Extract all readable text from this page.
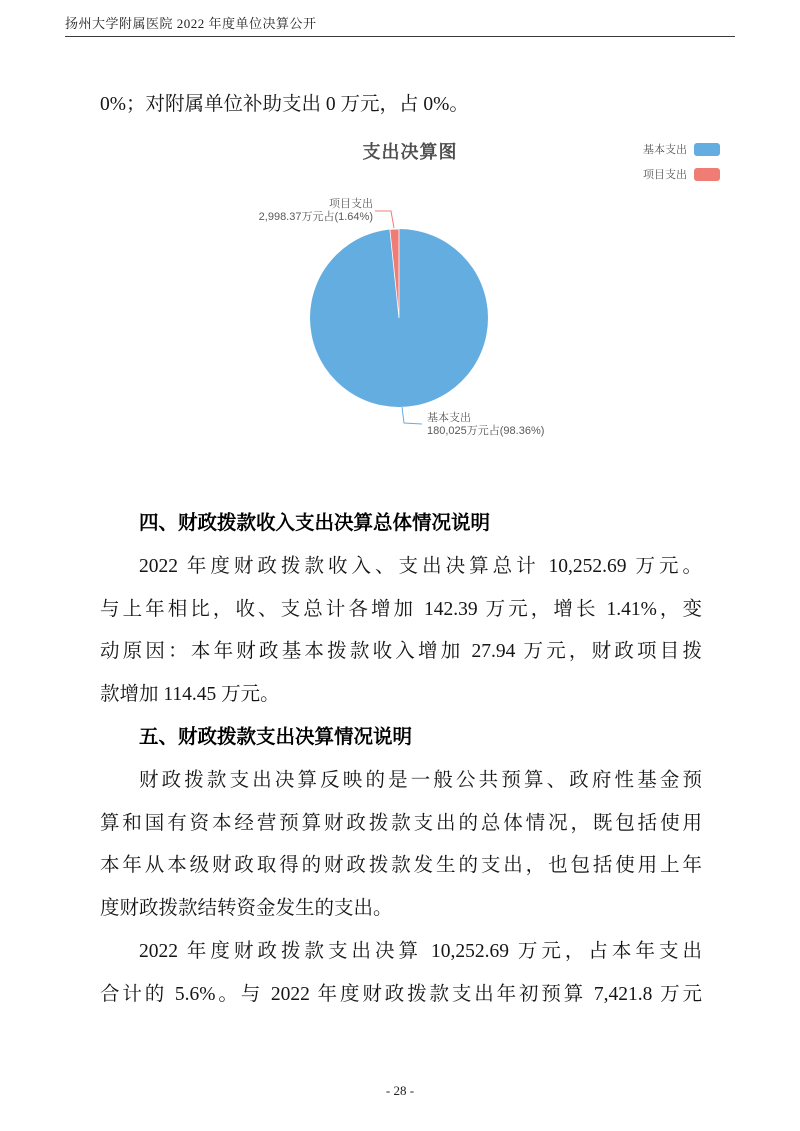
扬州大学附属医院 2022 年度单位决算公开
0%；对附属单位补助支出 0 万元，占 0%。
支出决算图	基本支出
项目支出
项目支出
2,998.37万元占(1.64%)
基本支出
180,025万元占(98.36%)
四、财政拨款收入支出决算总体情况说明
2022 年度财政拨款收入、支出决算总计 10,252.69 万元。
与上年相比，收、支总计各增加 142.39 万元，增长 1.41%，变
动原因：本年财政基本拨款收入增加 27.94 万元，财政项目拨
款增加 114.45 万元。
五、财政拨款支出决算情况说明
财政拨款支出决算反映的是一般公共预算、政府性基金预
算和国有资本经营预算财政拨款支出的总体情况，既包括使用
本年从本级财政取得的财政拨款发生的支出，也包括使用上年
度财政拨款结转资金发生的支出。
2022 年度财政拨款支出决算 10,252.69 万元，占本年支出
合计的 5.6%。与 2022 年度财政拨款支出年初预算 7,421.8 万元
- 28 -
